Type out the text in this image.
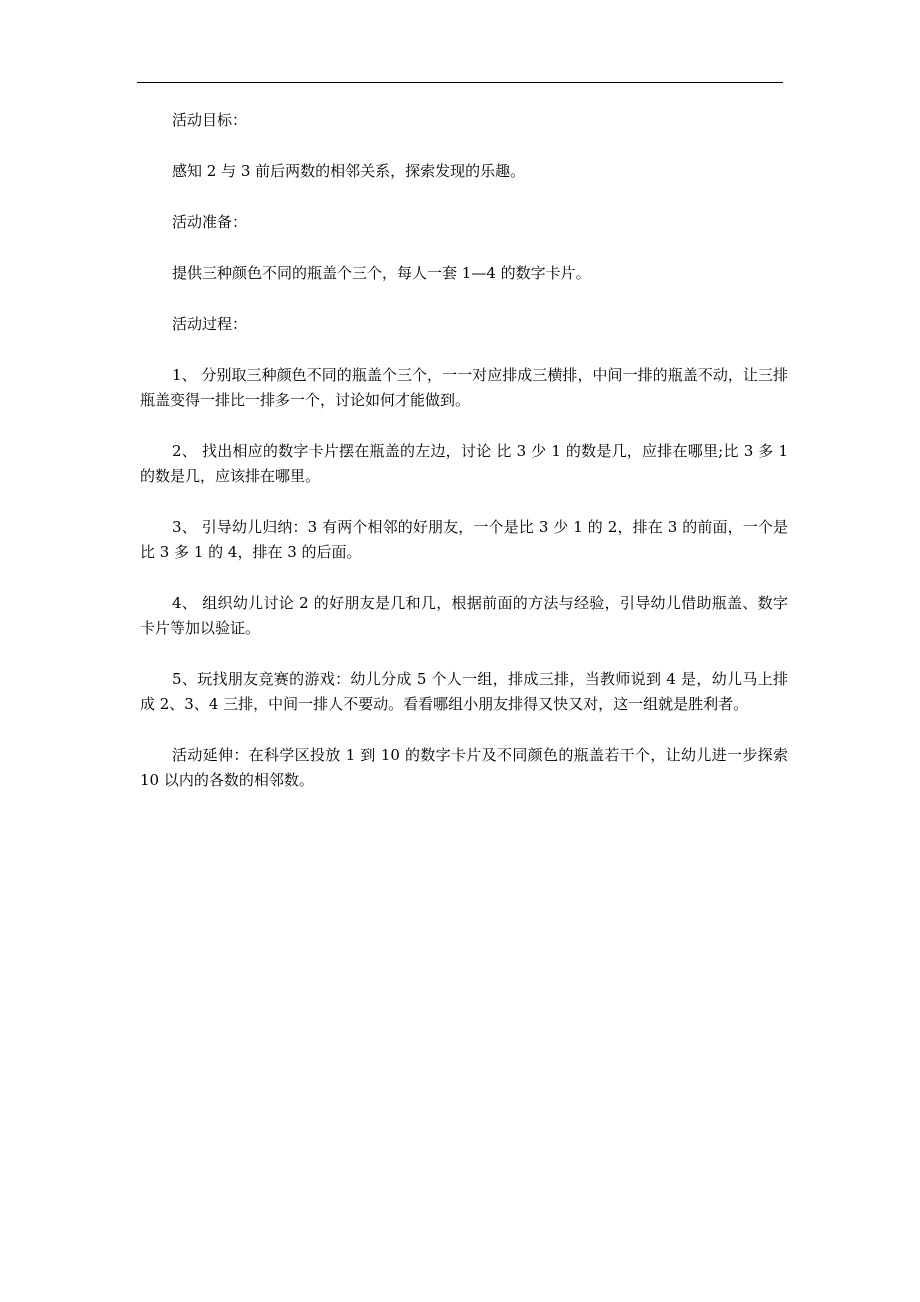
活动目标：

感知 2 与 3 前后两数的相邻关系，探索发现的乐趣。

活动准备：

提供三种颜色不同的瓶盖个三个，每人一套 1—4 的数字卡片。

活动过程：

1、 分别取三种颜色不同的瓶盖个三个，一一对应排成三横排，中间一排的瓶盖不动，让三排瓶盖变得一排比一排多一个，讨论如何才能做到。

2、 找出相应的数字卡片摆在瓶盖的左边，讨论 比 3 少 1 的数是几，应排在哪里;比 3 多 1 的数是几，应该排在哪里。

3、 引导幼儿归纳：3 有两个相邻的好朋友，一个是比 3 少 1 的 2，排在 3 的前面，一个是比 3 多 1 的 4，排在 3 的后面。

4、 组织幼儿讨论 2 的好朋友是几和几，根据前面的方法与经验，引导幼儿借助瓶盖、数字卡片等加以验证。

5、玩找朋友竞赛的游戏：幼儿分成 5 个人一组，排成三排，当教师说到 4 是，幼儿马上排成 2、3、4 三排，中间一排人不要动。看看哪组小朋友排得又快又对，这一组就是胜利者。

活动延伸：在科学区投放 1 到 10 的数字卡片及不同颜色的瓶盖若干个，让幼儿进一步探索 10 以内的各数的相邻数。
